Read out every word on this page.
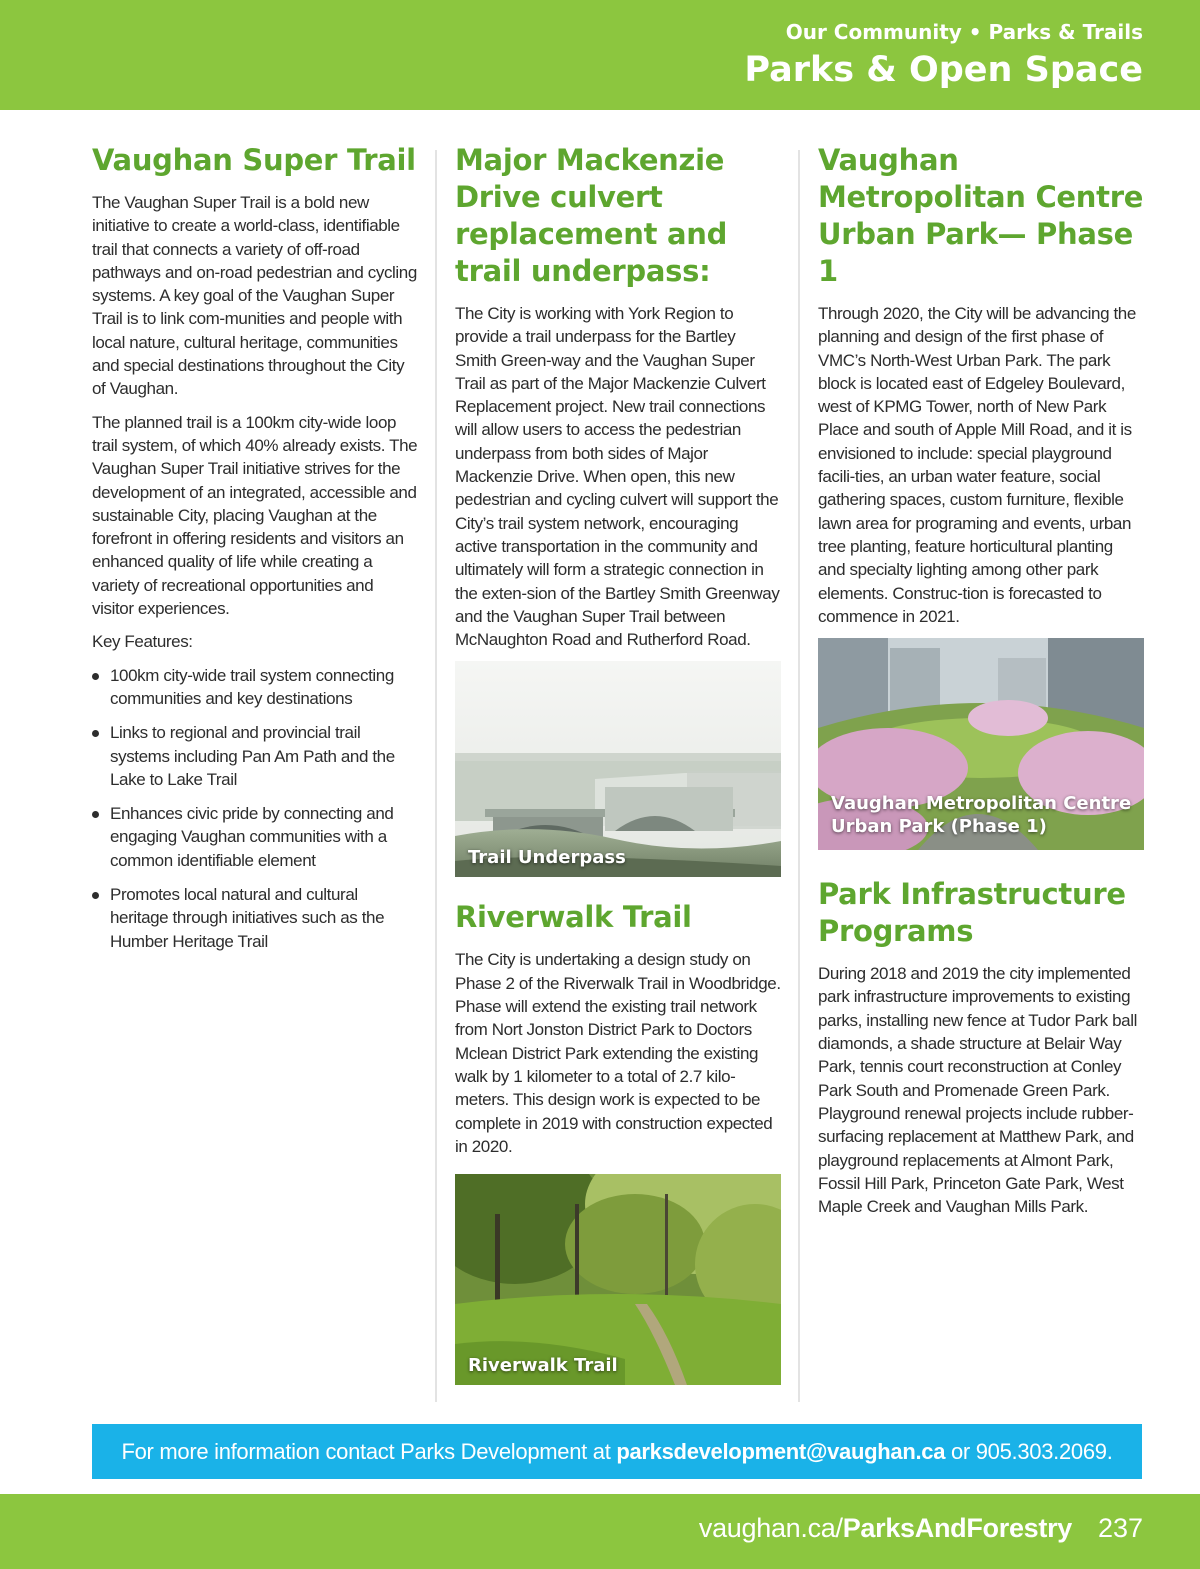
Our Community • Parks & Trails
Parks & Open Space
Vaughan Super Trail

The Vaughan Super Trail is a bold new initiative to create a world-class, identifiable trail that connects a variety of off-road pathways and on-road pedestrian and cycling systems. A key goal of the Vaughan Super Trail is to link com-munities and people with local nature, cultural heritage, communities and special destinations throughout the City of Vaughan.

The planned trail is a 100km city-wide loop trail system, of which 40% already exists. The Vaughan Super Trail initiative strives for the development of an integrated, accessible and sustainable City, placing Vaughan at the forefront in offering residents and visitors an enhanced quality of life while creating a variety of recreational opportunities and visitor experiences.

Key Features:

100km city-wide trail system connecting communities and key destinations
Links to regional and provincial trail systems including Pan Am Path and the Lake to Lake Trail
Enhances civic pride by connecting and engaging Vaughan communities with a common identifiable element
Promotes local natural and cultural heritage through initiatives such as the Humber Heritage Trail
Major Mackenzie Drive culvert replacement and trail underpass:

The City is working with York Region to provide a trail underpass for the Bartley Smith Green-way and the Vaughan Super Trail as part of the Major Mackenzie Culvert Replacement project. New trail connections will allow users to access the pedestrian underpass from both sides of Major Mackenzie Drive. When open, this new pedestrian and cycling culvert will support the City’s trail system network, encouraging active transportation in the community and ultimately will form a strategic connection in the exten-sion of the Bartley Smith Greenway and the Vaughan Super Trail between McNaughton Road and Rutherford Road.

Trail Underpass
Riverwalk Trail

The City is undertaking a design study on Phase 2 of the Riverwalk Trail in Woodbridge. Phase will extend the existing trail network from Nort Jonston District Park to Doctors Mclean District Park extending the existing walk by 1 kilometer to a total of 2.7 kilo-meters. This design work is expected to be complete in 2019 with construction expected in 2020.

Riverwalk Trail
Vaughan Metropolitan Centre Urban Park— Phase 1

Through 2020, the City will be advancing the planning and design of the first phase of VMC’s North-West Urban Park. The park block is located east of Edgeley Boulevard, west of KPMG Tower, north of New Park Place and south of Apple Mill Road, and it is envisioned to include: special playground facili-ties, an urban water feature, social gathering spaces, custom furniture, flexible lawn area for programing and events, urban tree planting, feature horticultural planting and specialty lighting among other park elements. Construc-tion is forecasted to commence in 2021.

Vaughan Metropolitan Centre
Urban Park (Phase 1)
Park Infrastructure Programs

During 2018 and 2019 the city implemented park infrastructure improvements to existing parks, installing new fence at Tudor Park ball diamonds, a shade structure at Belair Way Park, tennis court reconstruction at Conley Park South and Promenade Green Park. Playground renewal projects include rubber-surfacing replacement at Matthew Park, and playground replacements at Almont Park, Fossil Hill Park, Princeton Gate Park, West Maple Creek and Vaughan Mills Park.

For more information contact Parks Development at parksdevelopment@vaughan.ca or 905.303.2069.
vaughan.ca/ParksAndForestry 237
